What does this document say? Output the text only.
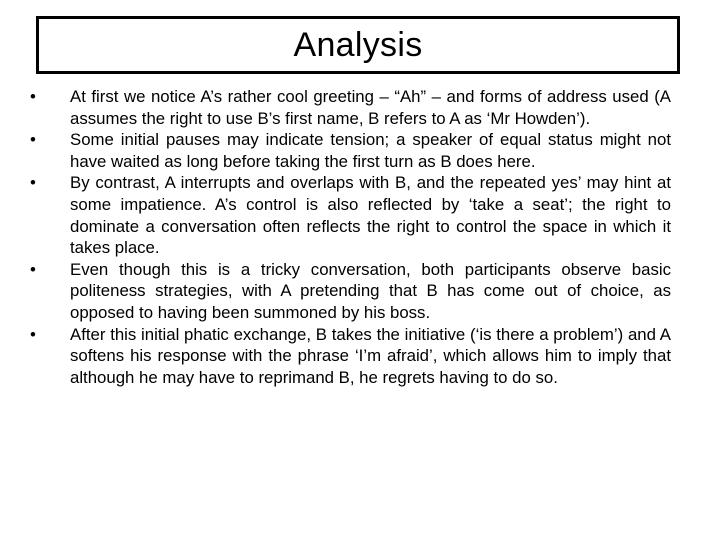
Analysis
•	At first we notice A’s rather cool greeting – “Ah” – and forms of address used (A assumes the right to use B’s first name, B refers to A as ‘Mr Howden’).
•	Some initial pauses may indicate tension; a speaker of equal status might not have waited as long before taking the first turn as B does here.
•	By contrast, A interrupts and overlaps with B, and the repeated yes’ may hint at some impatience. A’s control is also reflected by ‘take a seat’; the right to dominate a conversation often reflects the right to control the space in which it takes place.
•	Even though this is a tricky conversation, both participants observe basic politeness strategies, with A pretending that B has come out of choice, as opposed to having been summoned by his boss.
•	After this initial phatic exchange, B takes the initiative (‘is there a problem’) and A softens his response with the phrase ‘I’m afraid’, which allows him to imply that although he may have to reprimand B, he regrets having to do so.
